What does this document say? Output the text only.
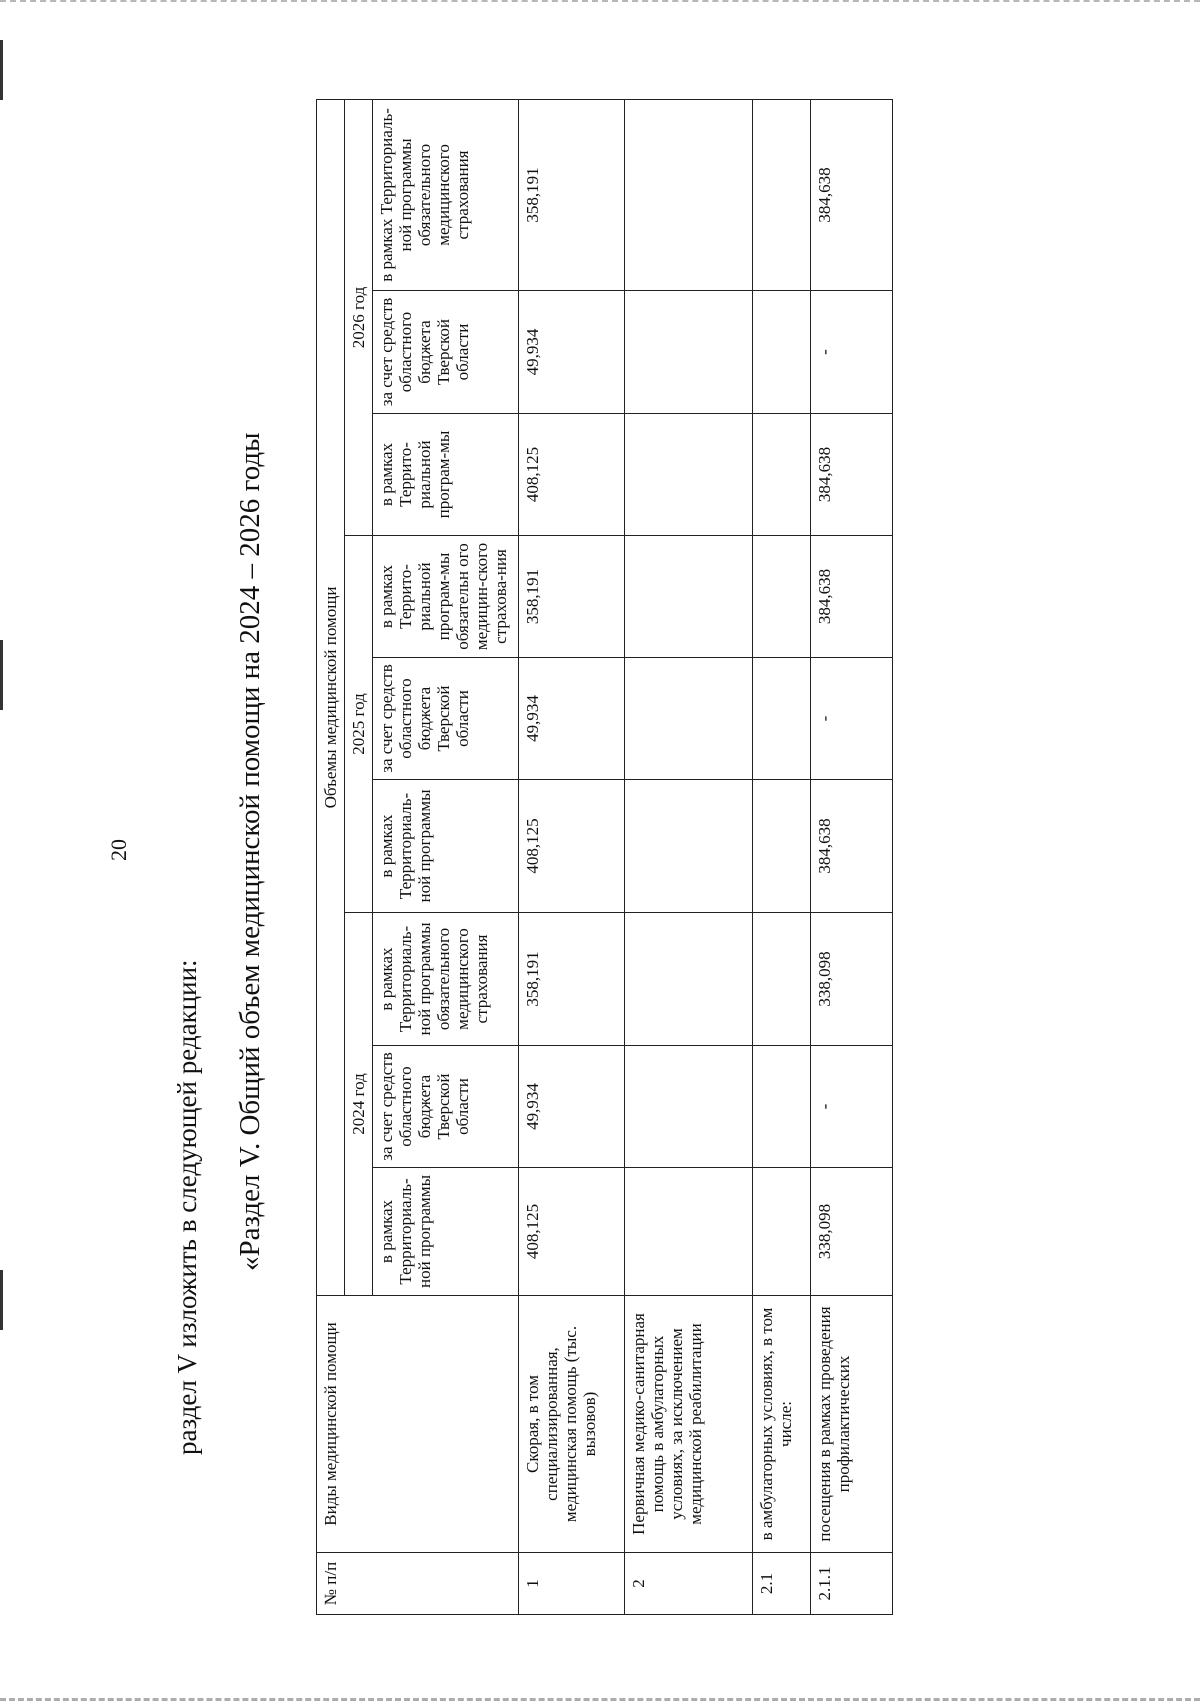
20
раздел V изложить в следующей редакции: «Раздел V. Общий объем медицинской помощи на 2024 – 2026 годы
№ п/п	Виды медицинской помощи	Объемы медицинской помощи								
		2024 год			2025 год			2026 год		
		в рамках Территориаль-ной программы	за счет средств областного бюджета Тверской области	в рамках Территориаль-ной программы обязательного медицинского страхования	в рамках Территориаль-ной программы	за счет средств областного бюджета Тверской области	в рамках Террито-риальной програм-мы обязательн ого медицин-ского страхова-ния	в рамках Террито-риальной програм-мы	за счет средств областного бюджета Тверской области	в рамках Территориаль-ной программы обязательного медицинского страхования
1	Скорая, в том специализированная, медицинская помощь (тыс. вызовов)	408,125	49,934	358,191	408,125	49,934	358,191	408,125	49,934	358,191
2	Первичная медико-санитарная помощь в амбулаторных условиях, за исключением медицинской реабилитации									
2.1	в амбулаторных условиях, в том числе:									
2.1.1	посещения в рамках проведения профилактических	338,098	-	338,098	384,638	-	384,638	384,638	-	384,638
